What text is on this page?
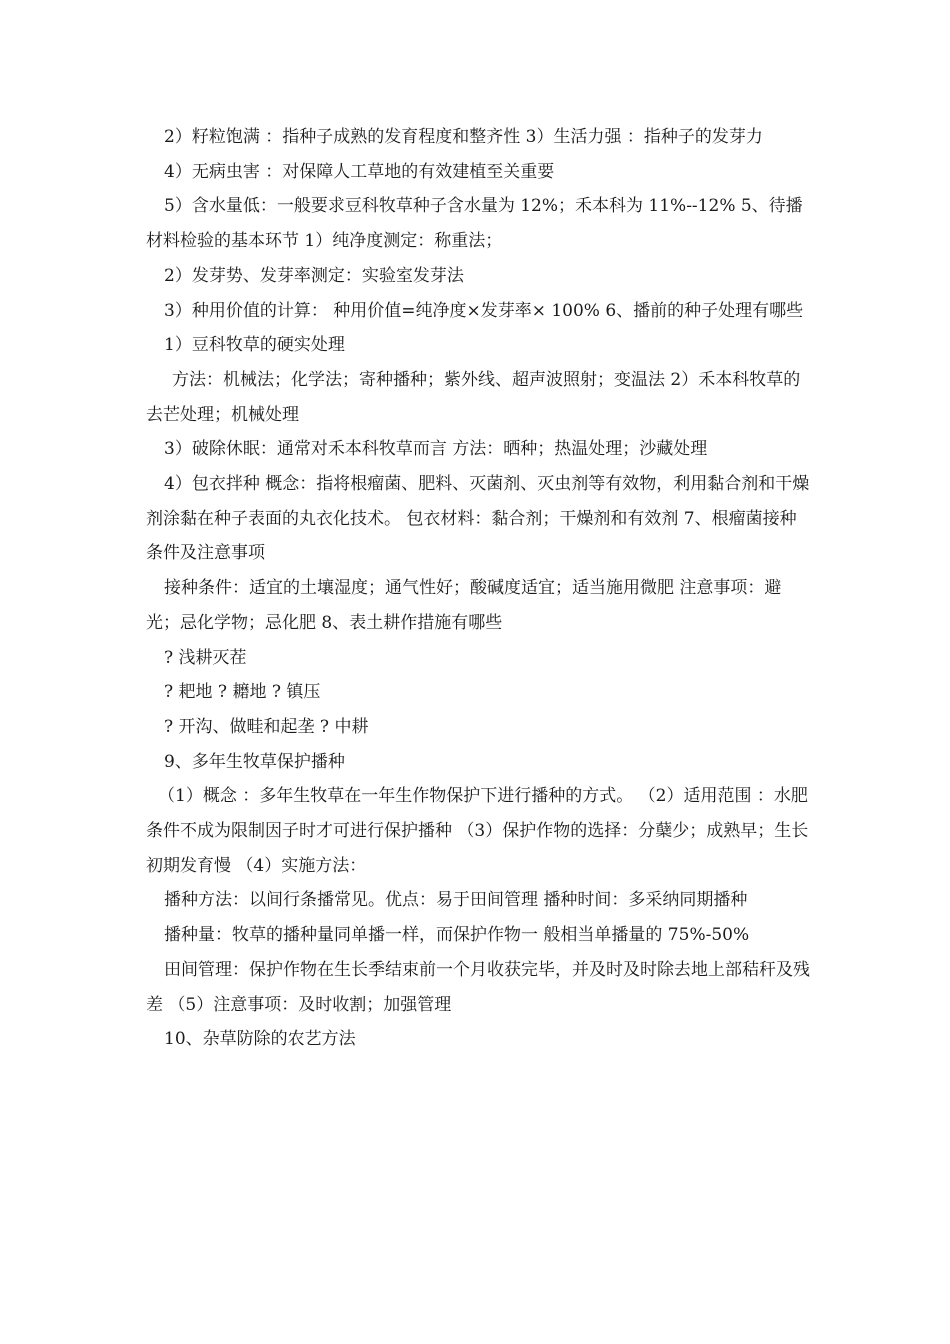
2）籽粒饱满 ：指种子成熟的发育程度和整齐性 3）生活力强 ：指种子的发芽力

4）无病虫害 ：对保障人工草地的有效建植至关重要

5）含水量低：一般要求豆科牧草种子含水量为 12%；禾本科为 11%--12% 5、待播材料检验的基本环节 1）纯净度测定：称重法；

2）发芽势、发芽率测定：实验室发芽法

3）种用价值的计算： 种用价值=纯净度×发芽率× 100% 6、播前的种子处理有哪些

1）豆科牧草的硬实处理

方法：机械法；化学法；寄种播种；紫外线、超声波照射；变温法 2）禾本科牧草的去芒处理；机械处理

3）破除休眠：通常对禾本科牧草而言 方法：晒种；热温处理；沙藏处理

4）包衣拌种 概念：指将根瘤菌、肥料、灭菌剂、灭虫剂等有效物，利用黏合剂和干燥剂涂黏在种子表面的丸衣化技术。 包衣材料：黏合剂；干燥剂和有效剂 7、根瘤菌接种条件及注意事项

接种条件：适宜的土壤湿度；通气性好；酸碱度适宜；适当施用微肥 注意事项：避光；忌化学物；忌化肥 8、表土耕作措施有哪些

? 浅耕灭茬

? 耙地 ? 耱地 ? 镇压

? 开沟、做畦和起垄 ? 中耕

9、多年生牧草保护播种

（1）概念 ：多年生牧草在一年生作物保护下进行播种的方式。 （2）适用范围 ：水肥条件不成为限制因子时才可进行保护播种 （3）保护作物的选择：分蘖少；成熟早；生长初期发育慢 （4）实施方法：

播种方法：以间行条播常见。优点：易于田间管理 播种时间：多采纳同期播种

播种量：牧草的播种量同单播一样，而保护作物一 般相当单播量的 75%-50%

田间管理：保护作物在生长季结束前一个月收获完毕，并及时及时除去地上部秸秆及残差 （5）注意事项：及时收割；加强管理

10、杂草防除的农艺方法
